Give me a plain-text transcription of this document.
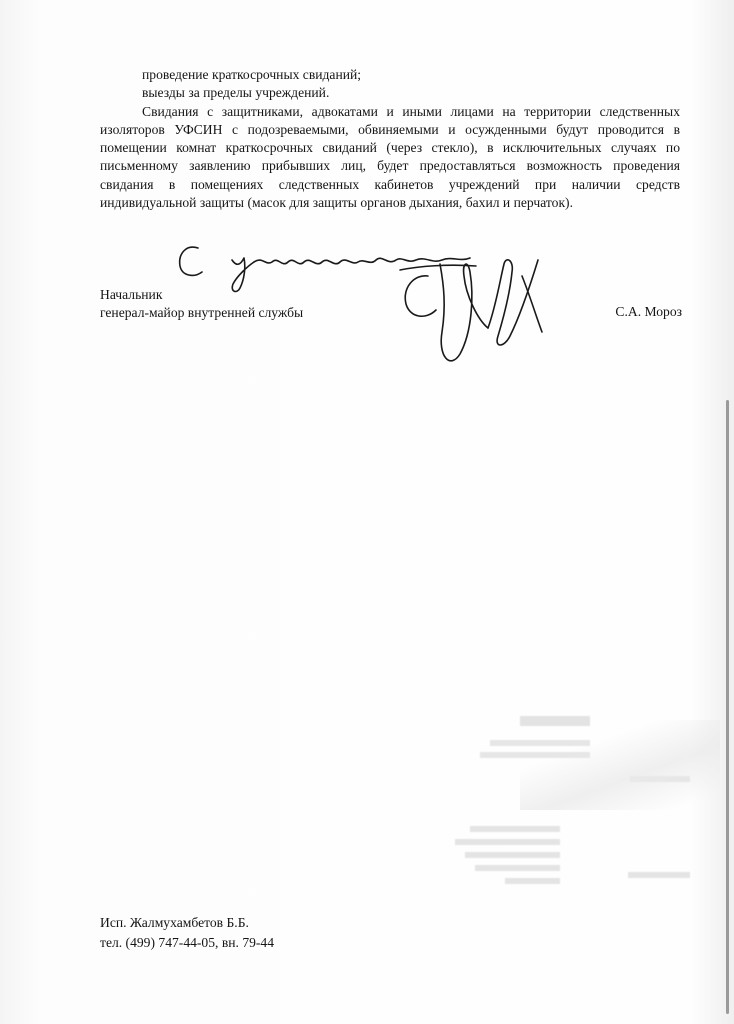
проведение краткосрочных свиданий;
выезды за пределы учреждений.
Свидания с защитниками, адвокатами и иными лицами на территории следственных изоляторов УФСИН с подозреваемыми, обвиняемыми и осужденными будут проводится в помещении комнат краткосрочных свиданий (через стекло), в исключительных случаях по письменному заявлению прибывших лиц, будет предоставляться возможность проведения свидания в помещениях следственных кабинетов учреждений при наличии средств индивидуальной защиты (масок для защиты органов дыхания, бахил и перчаток).
Начальник
генерал-майор внутренней службы	С.А. Мороз
Исп. Жалмухамбетов Б.Б.
тел. (499) 747-44-05, вн. 79-44
